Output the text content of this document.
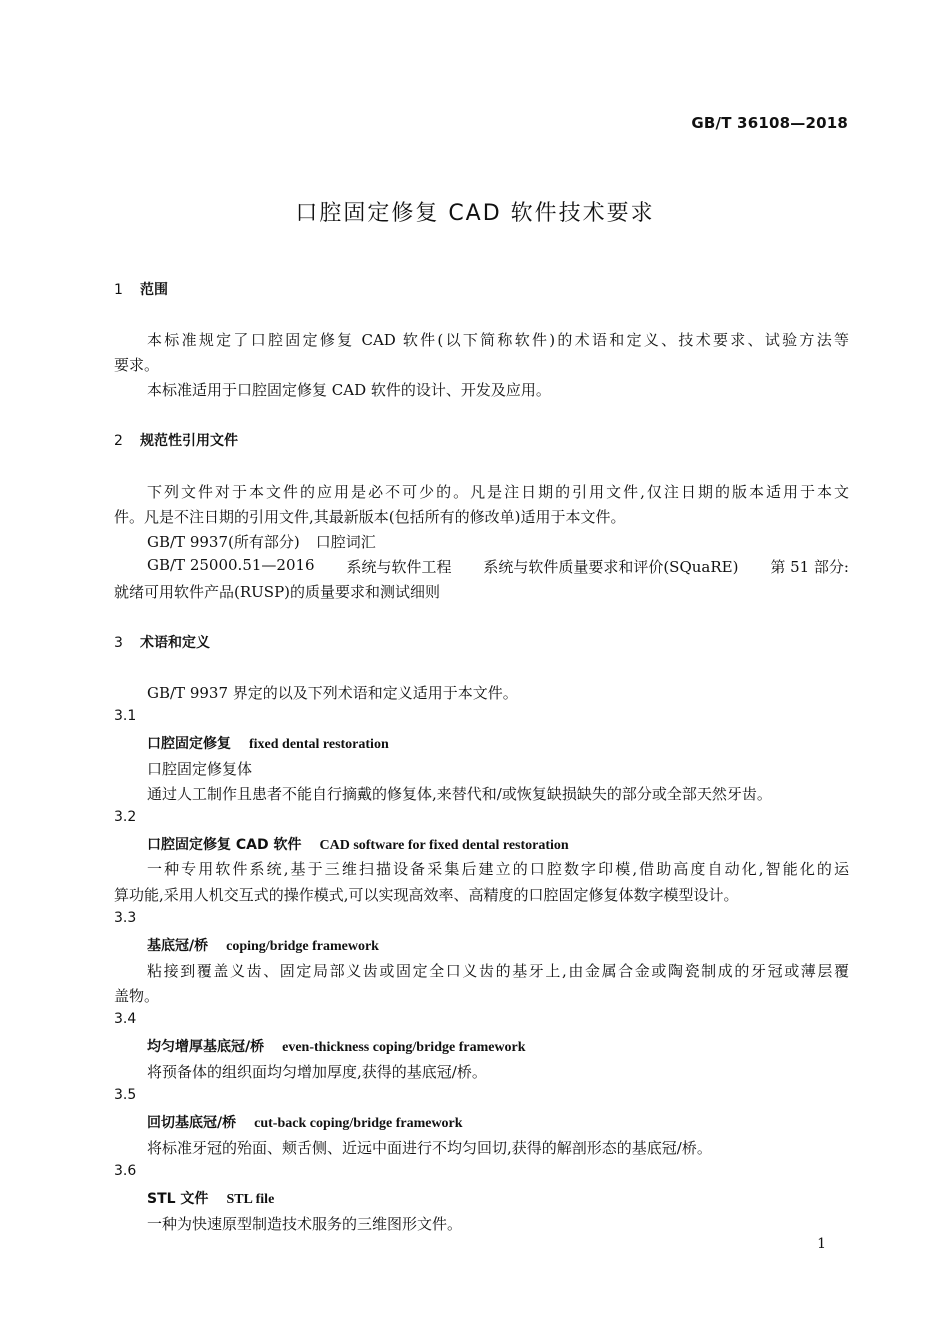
GB/T 36108—2018
口腔固定修复 CAD 软件技术要求
1 范围
本标准规定了口腔固定修复 CAD 软件(以下简称软件)的术语和定义、技术要求、试验方法等
要求。
本标准适用于口腔固定修复 CAD 软件的设计、开发及应用。
2 规范性引用文件
下列文件对于本文件的应用是必不可少的。凡是注日期的引用文件,仅注日期的版本适用于本文
件。凡是不注日期的引用文件,其最新版本(包括所有的修改单)适用于本文件。
GB/T 9937(所有部分) 口腔词汇
GB/T 25000.51—2016 系统与软件工程 系统与软件质量要求和评价(SQuaRE) 第 51 部分:
就绪可用软件产品(RUSP)的质量要求和测试细则
3 术语和定义
GB/T 9937 界定的以及下列术语和定义适用于本文件。
3.1
口腔固定修复 fixed dental restoration
口腔固定修复体
通过人工制作且患者不能自行摘戴的修复体,来替代和/或恢复缺损缺失的部分或全部天然牙齿。
3.2
口腔固定修复 CAD 软件 CAD software for fixed dental restoration
一种专用软件系统,基于三维扫描设备采集后建立的口腔数字印模,借助高度自动化,智能化的运
算功能,采用人机交互式的操作模式,可以实现高效率、高精度的口腔固定修复体数字模型设计。
3.3
基底冠/桥 coping/bridge framework
粘接到覆盖义齿、固定局部义齿或固定全口义齿的基牙上,由金属合金或陶瓷制成的牙冠或薄层覆
盖物。
3.4
均匀增厚基底冠/桥 even-thickness coping/bridge framework
将预备体的组织面均匀增加厚度,获得的基底冠/桥。
3.5
回切基底冠/桥 cut-back coping/bridge framework
将标准牙冠的殆面、颊舌侧、近远中面进行不均匀回切,获得的解剖形态的基底冠/桥。
3.6
STL 文件 STL file
一种为快速原型制造技术服务的三维图形文件。
1
